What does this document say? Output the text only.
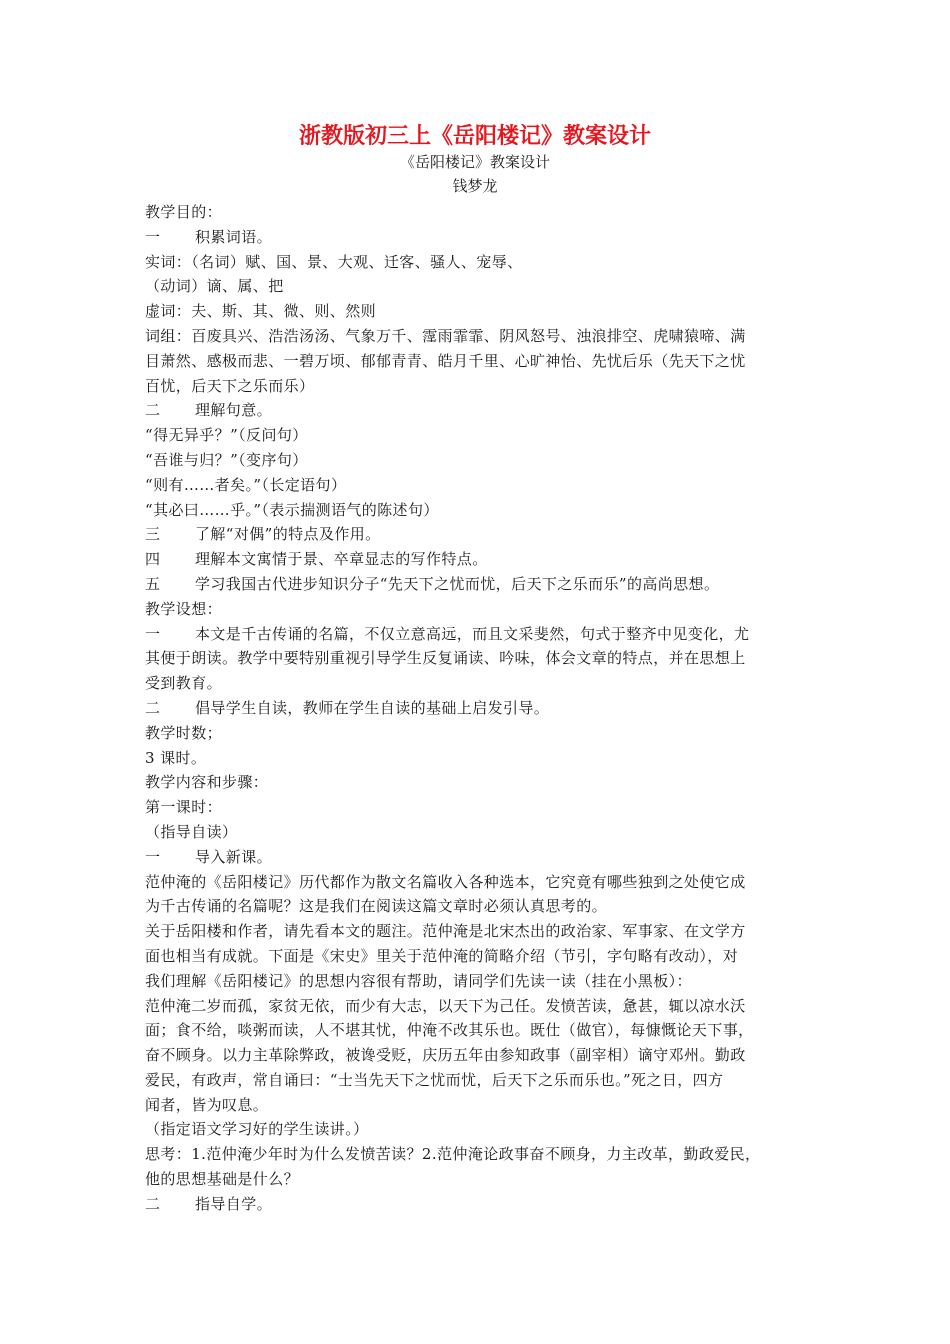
浙教版初三上《岳阳楼记》教案设计
《岳阳楼记》教案设计
钱梦龙
教学目的：
一 积累词语。
实词：（名词）赋、国、景、大观、迁客、骚人、宠辱、
（动词）谪、属、把
虚词：夫、斯、其、微、则、然则
词组：百废具兴、浩浩汤汤、气象万千、霪雨霏霏、阴风怒号、浊浪排空、虎啸猿啼、满
目萧然、感极而悲、一碧万顷、郁郁青青、皓月千里、心旷神怡、先忧后乐（先天下之忧
百忧，后天下之乐而乐）
二 理解句意。
“得无异乎？”（反问句）
“吾谁与归？”（变序句）
“则有……者矣。”（长定语句）
“其必曰……乎。”（表示揣测语气的陈述句）
三 了解“对偶”的特点及作用。
四 理解本文寓情于景、卒章显志的写作特点。
五 学习我国古代进步知识分子“先天下之忧而忧，后天下之乐而乐”的高尚思想。
教学设想：
一 本文是千古传诵的名篇，不仅立意高远，而且文采斐然，句式于整齐中见变化，尤
其便于朗读。教学中要特别重视引导学生反复诵读、吟味，体会文章的特点，并在思想上
受到教育。
二 倡导学生自读，教师在学生自读的基础上启发引导。
教学时数；
3 课时。
教学内容和步骤：
第一课时：
（指导自读）
一 导入新课。
范仲淹的《岳阳楼记》历代都作为散文名篇收入各种选本，它究竟有哪些独到之处使它成
为千古传诵的名篇呢？这是我们在阅读这篇文章时必须认真思考的。
关于岳阳楼和作者，请先看本文的题注。范仲淹是北宋杰出的政治家、军事家、在文学方
面也相当有成就。下面是《宋史》里关于范仲淹的简略介绍（节引，字句略有改动），对
我们理解《岳阳楼记》的思想内容很有帮助，请同学们先读一读（挂在小黑板）：
范仲淹二岁而孤，家贫无依，而少有大志，以天下为己任。发愤苦读，惫甚，辄以凉水沃
面；食不给，啖粥而读，人不堪其忧，仲淹不改其乐也。既仕（做官），每慷慨论天下事，
奋不顾身。以力主革除弊政，被谗受贬，庆历五年由参知政事（副宰相）谪守邓州。勤政
爱民，有政声，常自诵曰：“士当先天下之忧而忧，后天下之乐而乐也。”死之日，四方
闻者，皆为叹息。
（指定语文学习好的学生读讲。）
思考：1.范仲淹少年时为什么发愤苦读？2.范仲淹论政事奋不顾身，力主改革，勤政爱民，
他的思想基础是什么？
二 指导自学。
